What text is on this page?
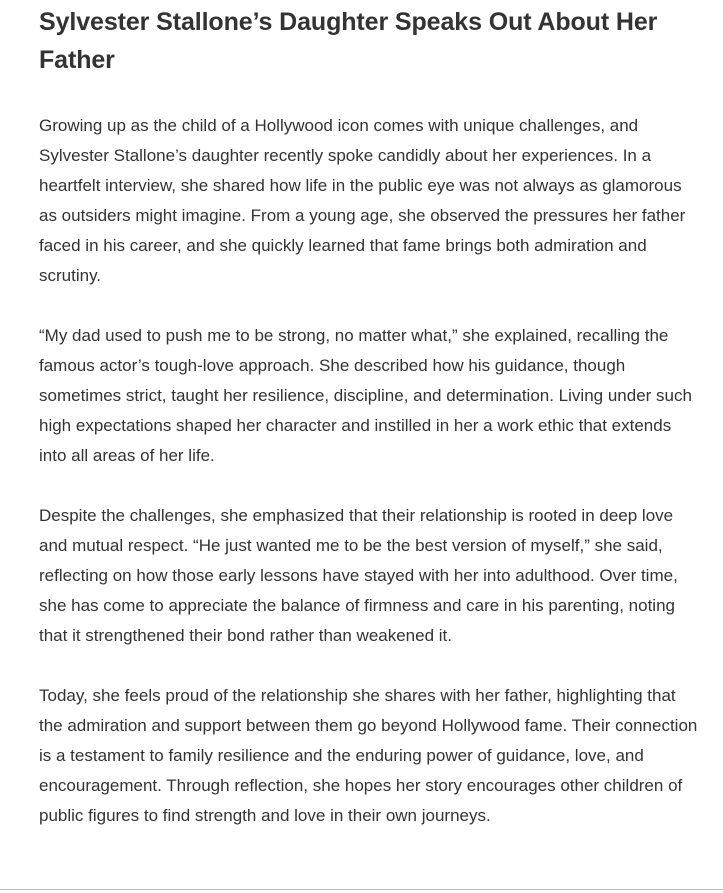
Sylvester Stallone’s Daughter Speaks Out About Her Father

Growing up as the child of a Hollywood icon comes with unique challenges, and Sylvester Stallone’s daughter recently spoke candidly about her experiences. In a heartfelt interview, she shared how life in the public eye was not always as glamorous as outsiders might imagine. From a young age, she observed the pressures her father faced in his career, and she quickly learned that fame brings both admiration and scrutiny.

“My dad used to push me to be strong, no matter what,” she explained, recalling the famous actor’s tough-love approach. She described how his guidance, though sometimes strict, taught her resilience, discipline, and determination. Living under such high expectations shaped her character and instilled in her a work ethic that extends into all areas of her life.

Despite the challenges, she emphasized that their relationship is rooted in deep love and mutual respect. “He just wanted me to be the best version of myself,” she said, reflecting on how those early lessons have stayed with her into adulthood. Over time, she has come to appreciate the balance of firmness and care in his parenting, noting that it strengthened their bond rather than weakened it.

Today, she feels proud of the relationship she shares with her father, highlighting that the admiration and support between them go beyond Hollywood fame. Their connection is a testament to family resilience and the enduring power of guidance, love, and encouragement. Through reflection, she hopes her story encourages other children of public figures to find strength and love in their own journeys.
